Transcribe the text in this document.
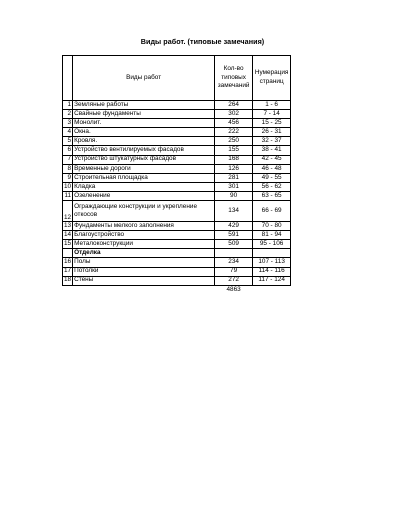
Виды работ. (типовые замечания)
	Виды работ	Кол-во типовых замечаний	Нумерация страниц
1	Земляные работы	264	1 - 6
2	Свайные фундаменты	302	7 - 14
3	Монолит.	456	15 - 25
4	Окна.	222	26 - 31
5	Кровля.	250	32 - 37
6	Устройство вентилируемых фасадов	155	38 - 41
7	Устройство штукатурных фасадов	168	42 - 45
8	Временные дороги	126	46 - 48
9	Строительная площадка	281	49 - 55
10	Кладка	301	56 - 62
11	Озеленение	90	63 - 65
12	Ограждающие конструкции и укрепление откосов	134	66 - 69
13	Фундаменты мелкого заполнения	429	70 - 80
14	Благоустройство	591	81 - 94
15	Металоконструкции	509	95 - 106
	Отделка		
16	Полы	234	107 - 113
17	Потолки	79	114 - 116
18	Стены	272	117 - 124
		4863	
